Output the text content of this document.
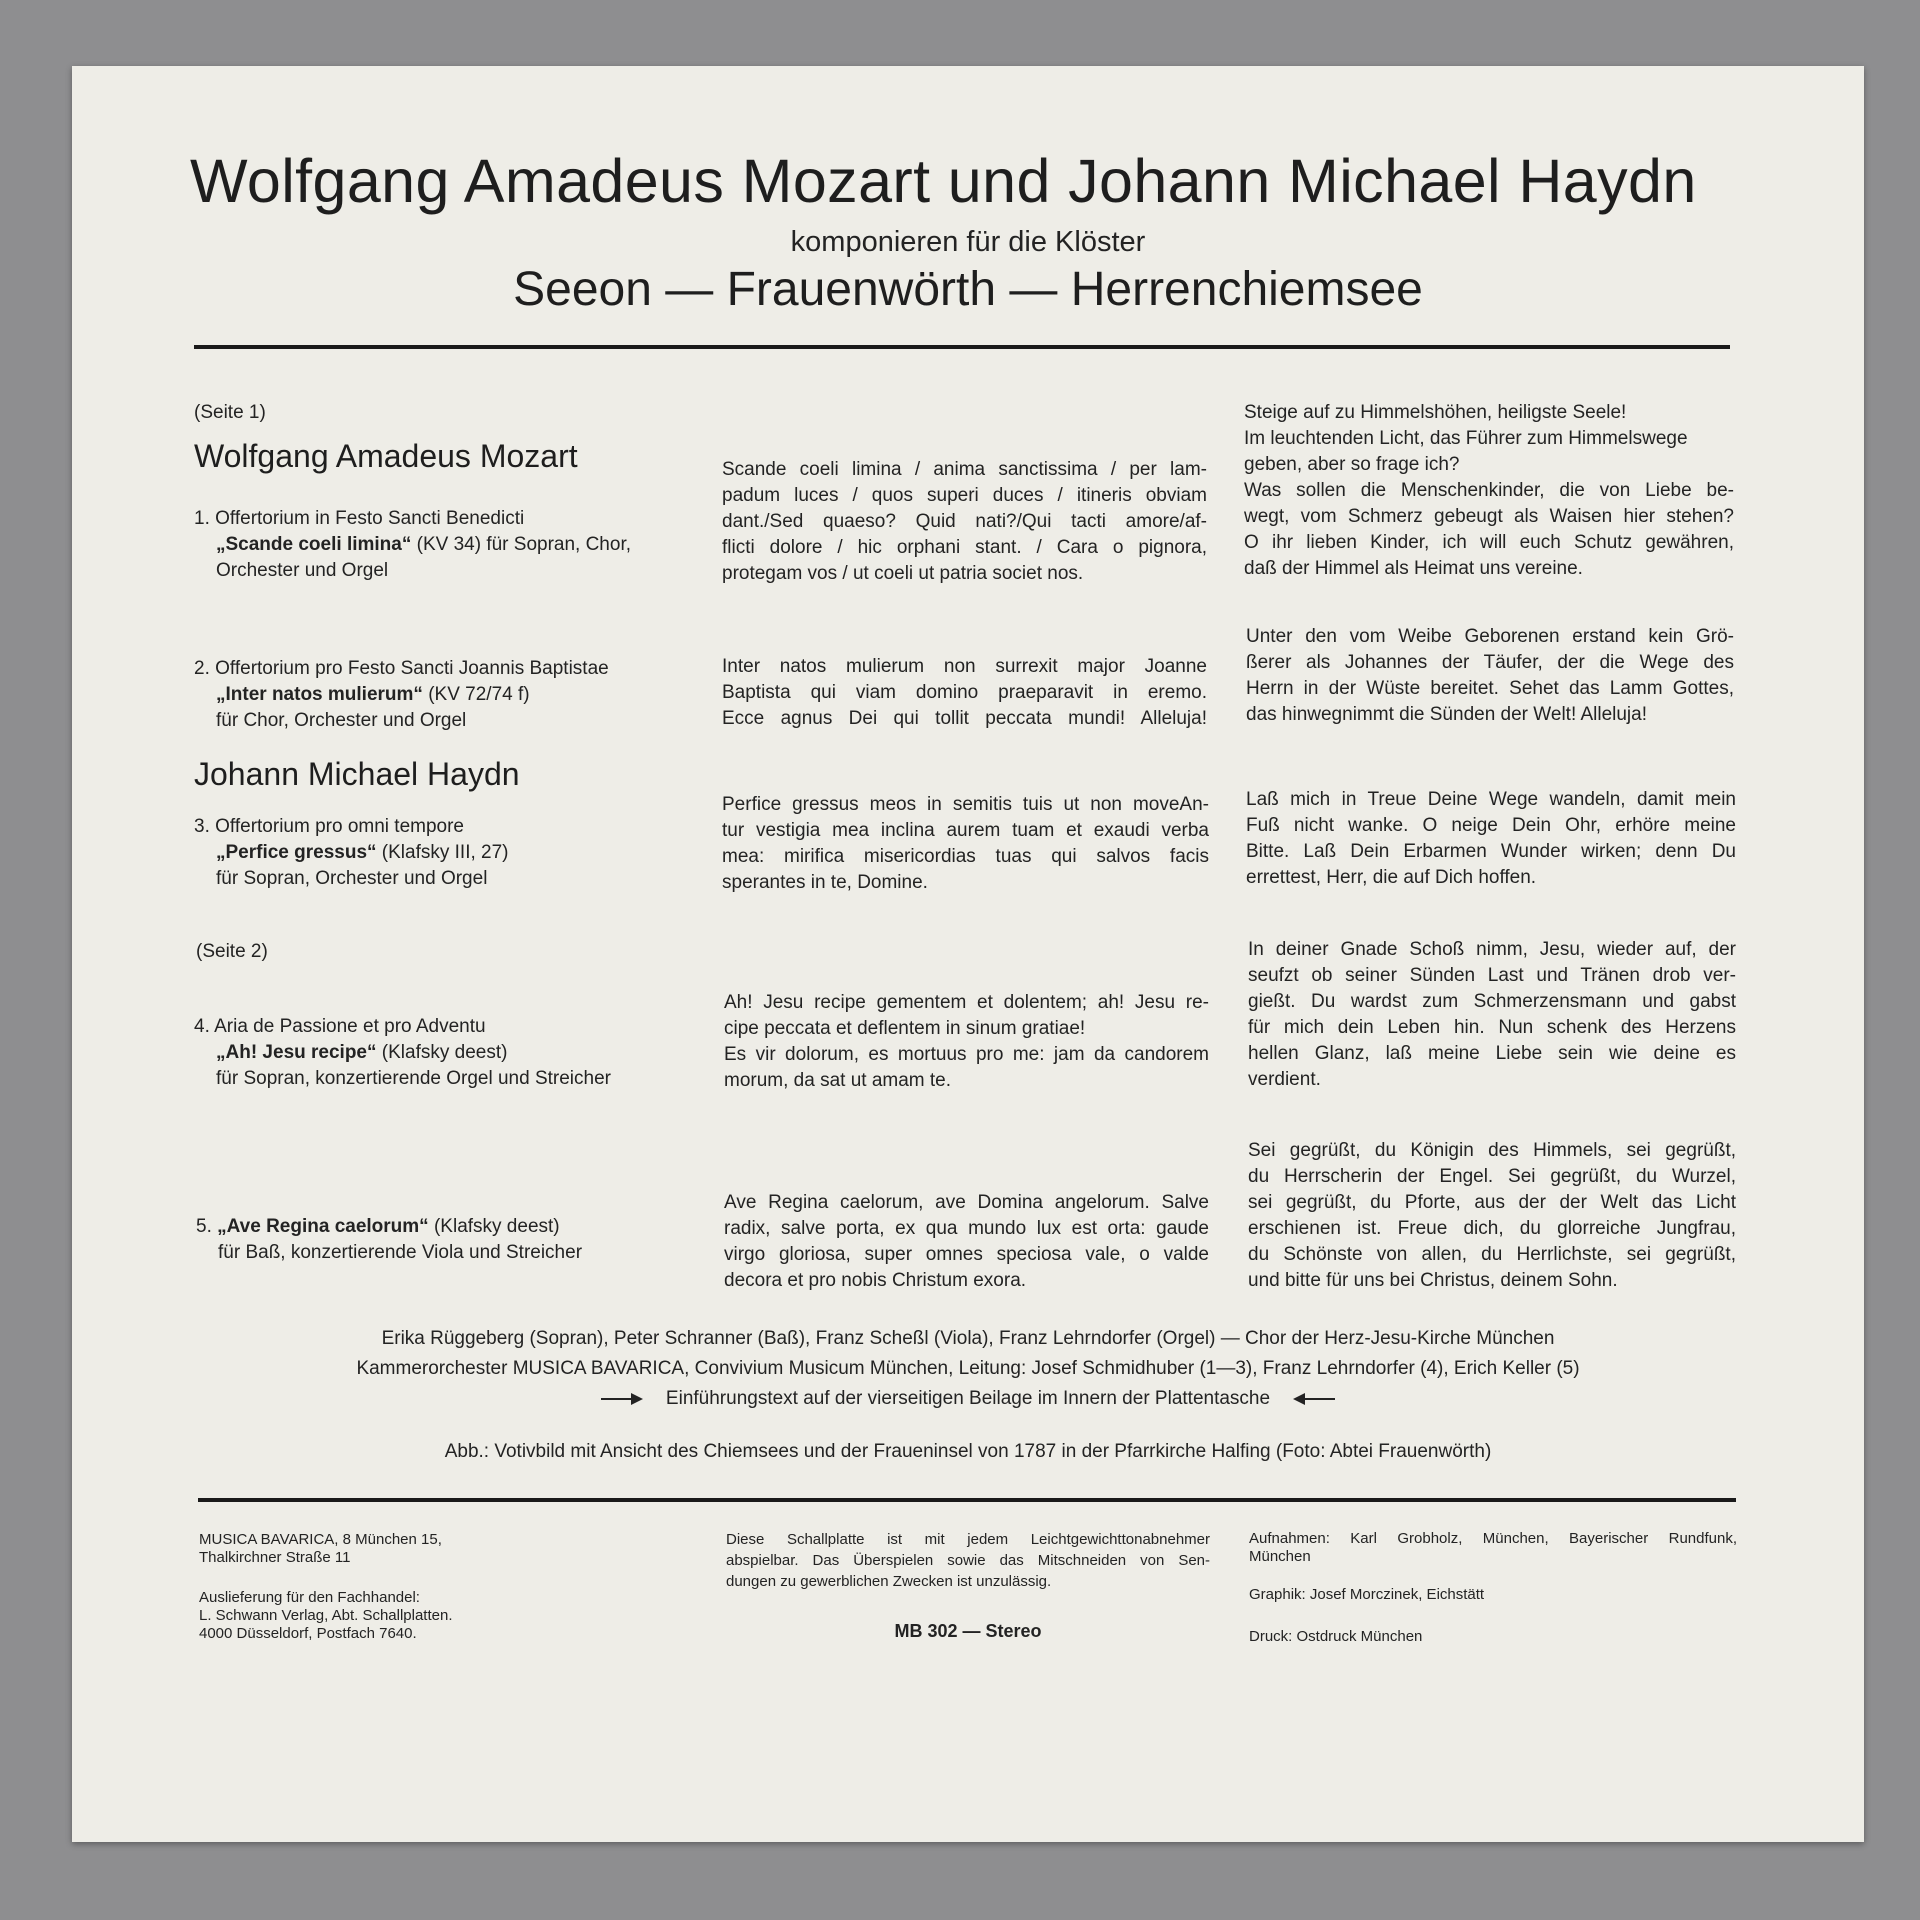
Wolfgang Amadeus Mozart und Johann Michael Haydn
komponieren für die Klöster
Seeon — Frauenwörth — Herrenchiemsee
(Seite 1)
Wolfgang Amadeus Mozart
1. Offertorium in Festo Sancti Benedicti
„Scande coeli limina“ (KV 34) für Sopran, Chor,
Orchester und Orgel
2. Offertorium pro Festo Sancti Joannis Baptistae
„Inter natos mulierum“ (KV 72/74 f)
für Chor, Orchester und Orgel
Johann Michael Haydn
3. Offertorium pro omni tempore
„Perfice gressus“ (Klafsky III, 27)
für Sopran, Orchester und Orgel
(Seite 2)
4. Aria de Passione et pro Adventu
„Ah! Jesu recipe“ (Klafsky deest)
für Sopran, konzertierende Orgel und Streicher
5. „Ave Regina caelorum“ (Klafsky deest)
für Baß, konzertierende Viola und Streicher
Scande coeli limina / anima sanctissima / per lam-
padum luces / quos superi duces / itineris obviam
dant./Sed quaeso? Quid nati?/Qui tacti amore/af-
flicti dolore / hic orphani stant. / Cara o pignora,
protegam vos / ut coeli ut patria societ nos.
Inter natos mulierum non surrexit major Joanne
Baptista qui viam domino praeparavit in eremo.
Ecce agnus Dei qui tollit peccata mundi! Alleluja!
Perfice gressus meos in semitis tuis ut non moveAn-
tur vestigia mea inclina aurem tuam et exaudi verba
mea: mirifica misericordias tuas qui salvos facis
sperantes in te, Domine.
Ah! Jesu recipe gementem et dolentem; ah! Jesu re-
cipe peccata et deflentem in sinum gratiae!
Es vir dolorum, es mortuus pro me: jam da candorem
morum, da sat ut amam te.
Ave Regina caelorum, ave Domina angelorum. Salve
radix, salve porta, ex qua mundo lux est orta: gaude
virgo gloriosa, super omnes speciosa vale, o valde
decora et pro nobis Christum exora.
Steige auf zu Himmelshöhen, heiligste Seele!
Im leuchtenden Licht, das Führer zum Himmelswege
geben, aber so frage ich?
Was sollen die Menschenkinder, die von Liebe be-
wegt, vom Schmerz gebeugt als Waisen hier stehen?
O ihr lieben Kinder, ich will euch Schutz gewähren,
daß der Himmel als Heimat uns vereine.
Unter den vom Weibe Geborenen erstand kein Grö-
ßerer als Johannes der Täufer, der die Wege des
Herrn in der Wüste bereitet. Sehet das Lamm Gottes,
das hinwegnimmt die Sünden der Welt! Alleluja!
Laß mich in Treue Deine Wege wandeln, damit mein
Fuß nicht wanke. O neige Dein Ohr, erhöre meine
Bitte. Laß Dein Erbarmen Wunder wirken; denn Du
errettest, Herr, die auf Dich hoffen.
In deiner Gnade Schoß nimm, Jesu, wieder auf, der
seufzt ob seiner Sünden Last und Tränen drob ver-
gießt. Du wardst zum Schmerzensmann und gabst
für mich dein Leben hin. Nun schenk des Herzens
hellen Glanz, laß meine Liebe sein wie deine es
verdient.
Sei gegrüßt, du Königin des Himmels, sei gegrüßt,
du Herrscherin der Engel. Sei gegrüßt, du Wurzel,
sei gegrüßt, du Pforte, aus der der Welt das Licht
erschienen ist. Freue dich, du glorreiche Jungfrau,
du Schönste von allen, du Herrlichste, sei gegrüßt,
und bitte für uns bei Christus, deinem Sohn.
Erika Rüggeberg (Sopran), Peter Schranner (Baß), Franz Scheßl (Viola), Franz Lehrndorfer (Orgel) — Chor der Herz-Jesu-Kirche München
Kammerorchester MUSICA BAVARICA, Convivium Musicum München, Leitung: Josef Schmidhuber (1—3), Franz Lehrndorfer (4), Erich Keller (5)
Einführungstext auf der vierseitigen Beilage im Innern der Plattentasche
Abb.: Votivbild mit Ansicht des Chiemsees und der Fraueninsel von 1787 in der Pfarrkirche Halfing (Foto: Abtei Frauenwörth)
MUSICA BAVARICA, 8 München 15,
Thalkirchner Straße 11
Auslieferung für den Fachhandel:
L. Schwann Verlag, Abt. Schallplatten.
4000 Düsseldorf, Postfach 7640.
Diese Schallplatte ist mit jedem Leichtgewichttonabnehmer
abspielbar. Das Überspielen sowie das Mitschneiden von Sen-
dungen zu gewerblichen Zwecken ist unzulässig.
MB 302 — Stereo
Aufnahmen: Karl Grobholz, München, Bayerischer Rundfunk,
München
Graphik: Josef Morczinek, Eichstätt
Druck: Ostdruck München
